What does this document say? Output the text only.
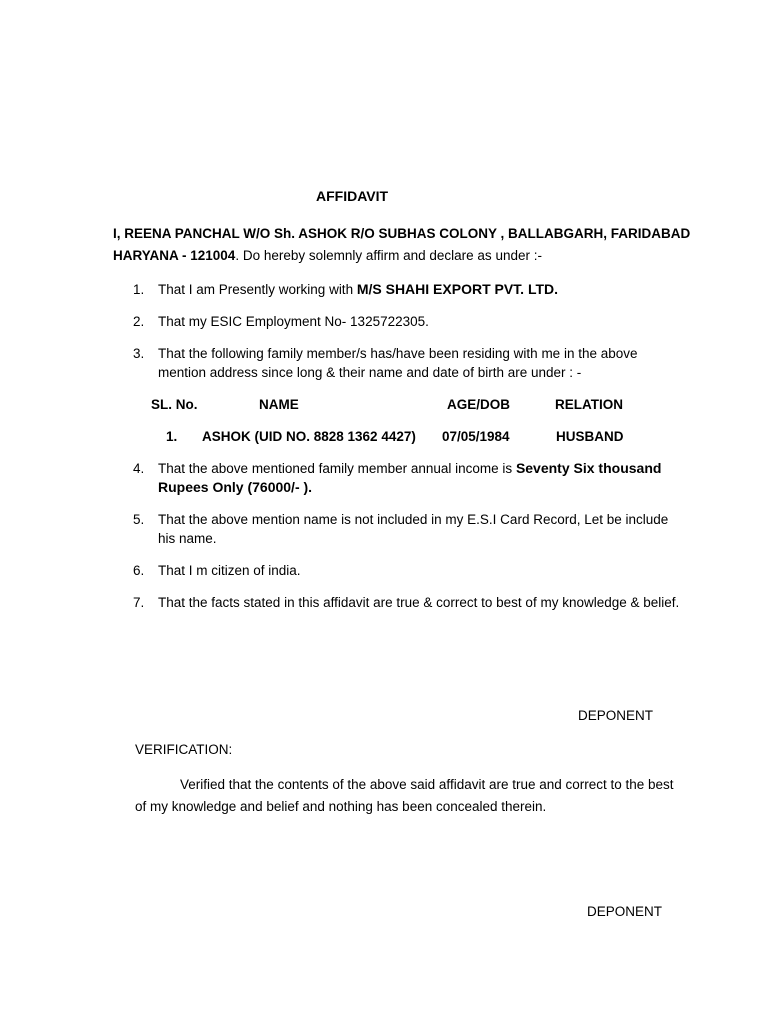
AFFIDAVIT
I, REENA PANCHAL W/O Sh. ASHOK R/O SUBHAS COLONY , BALLABGARH, FARIDABAD HARYANA - 121004. Do hereby solemnly affirm and declare as under :-
1.	That I am Presently working with M/S SHAHI EXPORT PVT. LTD.
2.	That my ESIC Employment No- 1325722305.
3.	That the following family member/s has/have been residing with me in the above mention address since long & their name and date of birth are under : -
SL. No.	NAME	AGE/DOB	RELATION
1. ASHOK (UID NO. 8828 1362 4427) 07/05/1984	HUSBAND
4.	That the above mentioned family member annual income is Seventy Six thousand Rupees Only (76000/- ).
5.	That the above mention name is not included in my E.S.I Card Record, Let be include his name.
6.	That I m citizen of india.
7.	That the facts stated in this affidavit are true & correct to best of my knowledge & belief.
DEPONENT
VERIFICATION:
Verified that the contents of the above said affidavit are true and correct to the best of my knowledge and belief and nothing has been concealed therein.
DEPONENT
